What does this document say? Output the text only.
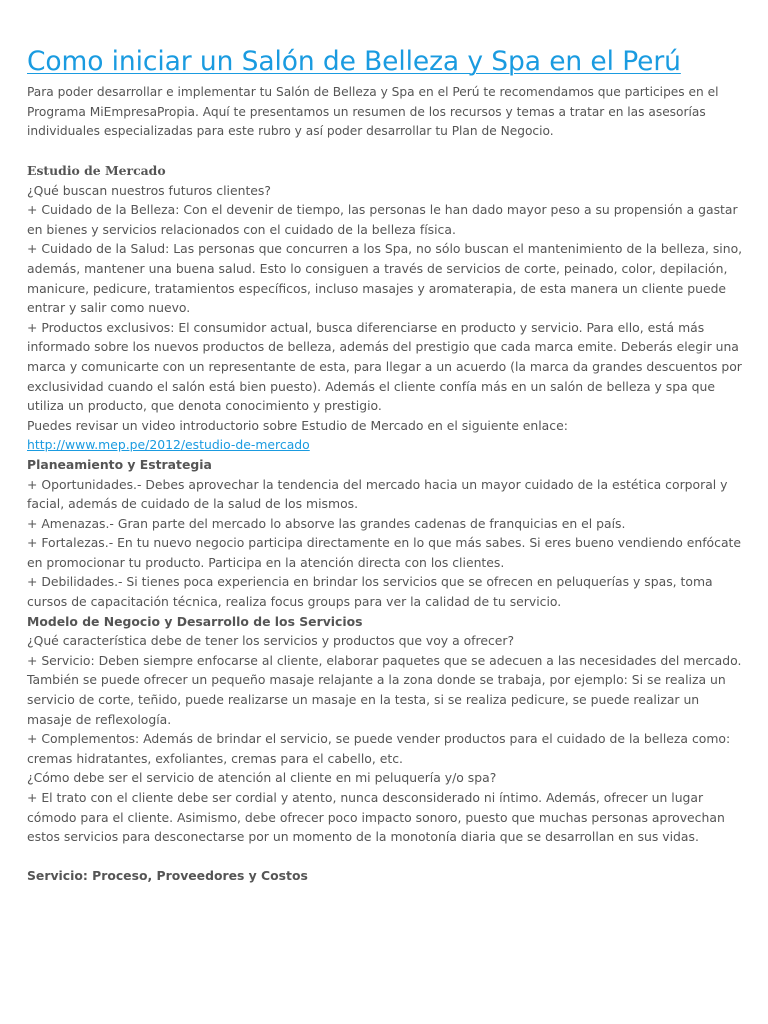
Como iniciar un Salón de Belleza y Spa en el Perú

Para poder desarrollar e implementar tu Salón de Belleza y Spa en el Perú te recomendamos que participes en el Programa MiEmpresaPropia. Aquí te presentamos un resumen de los recursos y temas a tratar en las asesorías individuales especializadas para este rubro y así poder desarrollar tu Plan de Negocio.

Estudio de Mercado

¿Qué buscan nuestros futuros clientes?

+ Cuidado de la Belleza: Con el devenir de tiempo, las personas le han dado mayor peso a su propensión a gastar en bienes y servicios relacionados con el cuidado de la belleza física.

+ Cuidado de la Salud: Las personas que concurren a los Spa, no sólo buscan el mantenimiento de la belleza, sino, además, mantener una buena salud. Esto lo consiguen a través de servicios de corte, peinado, color, depilación, manicure, pedicure, tratamientos específicos, incluso masajes y aromaterapia, de esta manera un cliente puede entrar y salir como nuevo.

+ Productos exclusivos: El consumidor actual, busca diferenciarse en producto y servicio. Para ello, está más informado sobre los nuevos productos de belleza, además del prestigio que cada marca emite. Deberás elegir una marca y comunicarte con un representante de esta, para llegar a un acuerdo (la marca da grandes descuentos por exclusividad cuando el salón está bien puesto). Además el cliente confía más en un salón de belleza y spa que utiliza un producto, que denota conocimiento y prestigio.

Puedes revisar un video introductorio sobre Estudio de Mercado en el siguiente enlace:

http://www.mep.pe/2012/estudio-de-mercado
Planeamiento y Estrategia

+ Oportunidades.- Debes aprovechar la tendencia del mercado hacia un mayor cuidado de la estética corporal y facial, además de cuidado de la salud de los mismos.

+ Amenazas.- Gran parte del mercado lo absorve las grandes cadenas de franquicias en el país.

+ Fortalezas.- En tu nuevo negocio participa directamente en lo que más sabes. Si eres bueno vendiendo enfócate en promocionar tu producto. Participa en la atención directa con los clientes.

+ Debilidades.- Si tienes poca experiencia en brindar los servicios que se ofrecen en peluquerías y spas, toma cursos de capacitación técnica, realiza focus groups para ver la calidad de tu servicio.

Modelo de Negocio y Desarrollo de los Servicios

¿Qué característica debe de tener los servicios y productos que voy a ofrecer?

+ Servicio: Deben siempre enfocarse al cliente, elaborar paquetes que se adecuen a las necesidades del mercado. También se puede ofrecer un pequeño masaje relajante a la zona donde se trabaja, por ejemplo: Si se realiza un servicio de corte, teñido, puede realizarse un masaje en la testa, si se realiza pedicure, se puede realizar un masaje de reflexología.

+ Complementos: Además de brindar el servicio, se puede vender productos para el cuidado de la belleza como: cremas hidratantes, exfoliantes, cremas para el cabello, etc.

¿Cómo debe ser el servicio de atención al cliente en mi peluquería y/o spa?

+ El trato con el cliente debe ser cordial y atento, nunca desconsiderado ni íntimo. Además, ofrecer un lugar cómodo para el cliente. Asimismo, debe ofrecer poco impacto sonoro, puesto que muchas personas aprovechan estos servicios para desconectarse por un momento de la monotonía diaria que se desarrollan en sus vidas.

Servicio: Proceso, Proveedores y Costos
